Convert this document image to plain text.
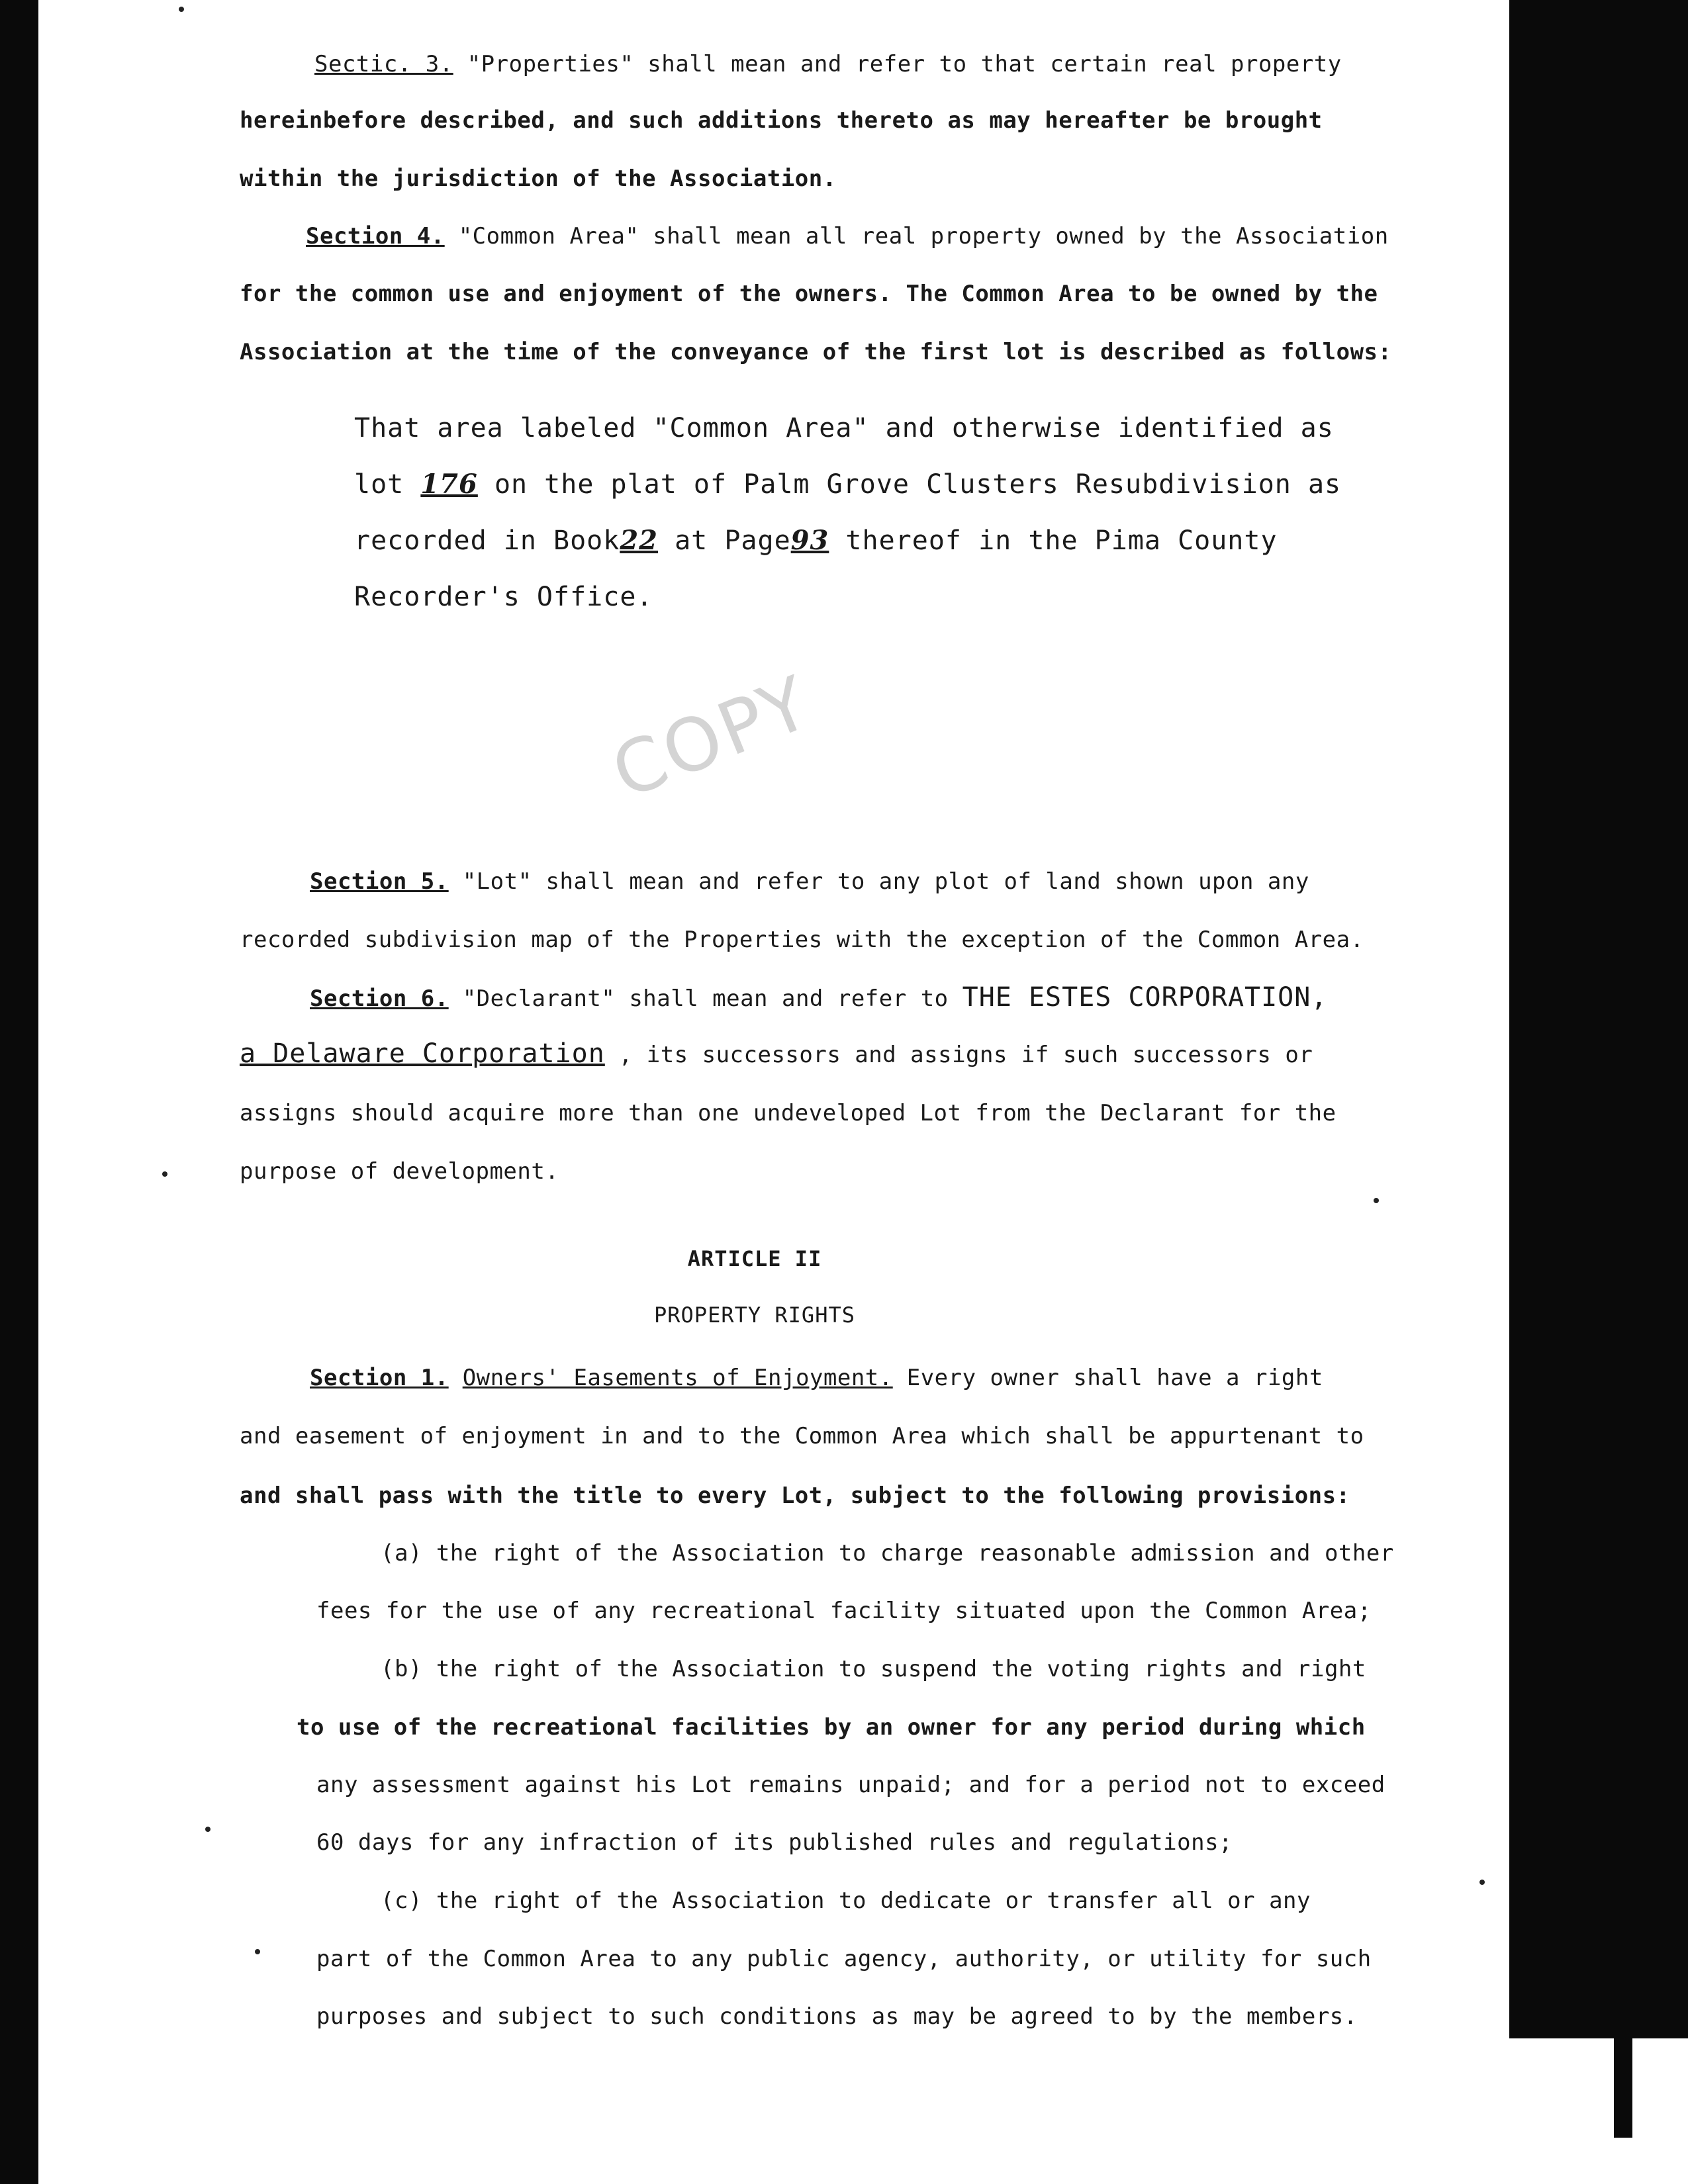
Sectic. 3. "Properties" shall mean and refer to that certain real property
hereinbefore described, and such additions thereto as may hereafter be brought
within the jurisdiction of the Association.
Section 4. "Common Area" shall mean all real property owned by the Association
for the common use and enjoyment of the owners. The Common Area to be owned by the
Association at the time of the conveyance of the first lot is described as follows:
That area labeled "Common Area" and otherwise identified as
lot 176 on the plat of Palm Grove Clusters Resubdivision as
recorded in Book22 at Page93 thereof in the Pima County
Recorder's Office.
COPY
Section 5. "Lot" shall mean and refer to any plot of land shown upon any
recorded subdivision map of the Properties with the exception of the Common Area.
Section 6. "Declarant" shall mean and refer to THE ESTES CORPORATION,
a Delaware Corporation , its successors and assigns if such successors or
assigns should acquire more than one undeveloped Lot from the Declarant for the
purpose of development.
ARTICLE II
PROPERTY RIGHTS
Section 1. Owners' Easements of Enjoyment. Every owner shall have a right
and easement of enjoyment in and to the Common Area which shall be appurtenant to
and shall pass with the title to every Lot, subject to the following provisions:
(a) the right of the Association to charge reasonable admission and other
fees for the use of any recreational facility situated upon the Common Area;
(b) the right of the Association to suspend the voting rights and right
to use of the recreational facilities by an owner for any period during which
any assessment against his Lot remains unpaid; and for a period not to exceed
60 days for any infraction of its published rules and regulations;
(c) the right of the Association to dedicate or transfer all or any
part of the Common Area to any public agency, authority, or utility for such
purposes and subject to such conditions as may be agreed to by the members.
